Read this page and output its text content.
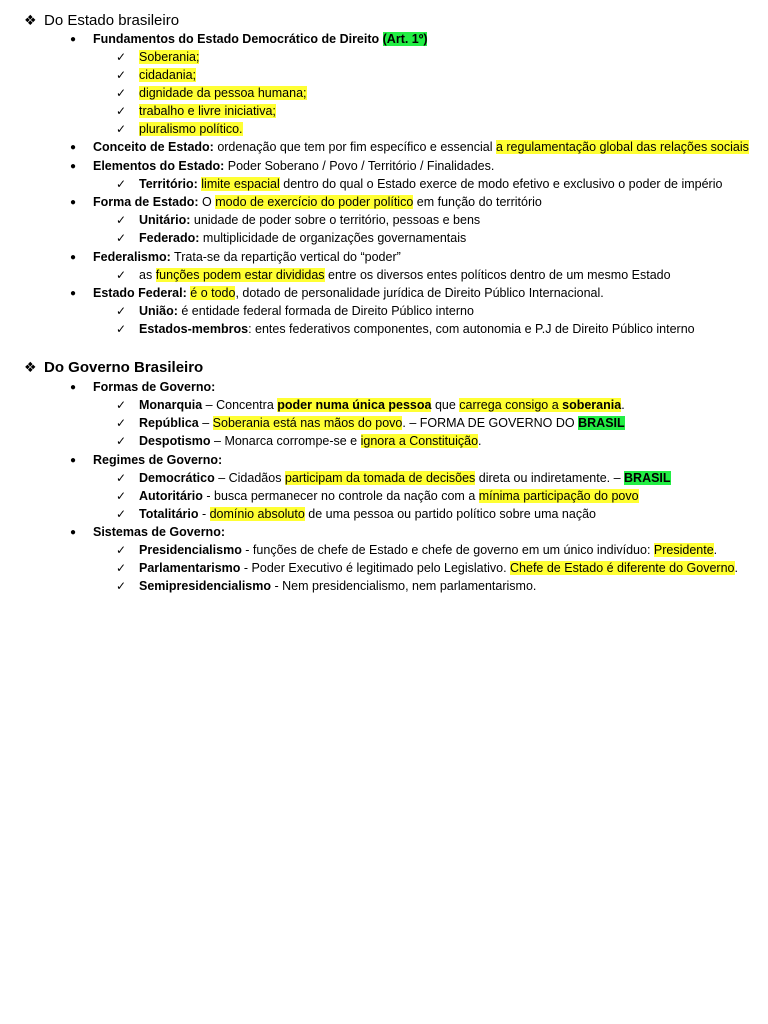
❖ Do Estado brasileiro
● Fundamentos do Estado Democrático de Direito (Art. 1º)
✓ Soberania;
✓ cidadania;
✓ dignidade da pessoa humana;
✓ trabalho e livre iniciativa;
✓ pluralismo político.
● Conceito de Estado: ordenação que tem por fim específico e essencial a regulamentação global das relações sociais
● Elementos do Estado: Poder Soberano / Povo / Território / Finalidades.
✓ Território: limite espacial dentro do qual o Estado exerce de modo efetivo e exclusivo o poder de império
● Forma de Estado: O modo de exercício do poder político em função do território
✓ Unitário: unidade de poder sobre o território, pessoas e bens
✓ Federado: multiplicidade de organizações governamentais
● Federalismo: Trata-se da repartição vertical do “poder”
✓ as funções podem estar divididas entre os diversos entes políticos dentro de um mesmo Estado
● Estado Federal: é o todo, dotado de personalidade jurídica de Direito Público Internacional.
✓ União: é entidade federal formada de Direito Público interno
✓ Estados-membros: entes federativos componentes, com autonomia e P.J de Direito Público interno
❖ Do Governo Brasileiro
● Formas de Governo:
✓ Monarquia – Concentra poder numa única pessoa que carrega consigo a soberania.
✓ República – Soberania está nas mãos do povo. – FORMA DE GOVERNO DO BRASIL
✓ Despotismo – Monarca corrompe-se e ignora a Constituição.
● Regimes de Governo:
✓ Democrático – Cidadãos participam da tomada de decisões direta ou indiretamente. – BRASIL
✓ Autoritário - busca permanecer no controle da nação com a mínima participação do povo
✓ Totalitário - domínio absoluto de uma pessoa ou partido político sobre uma nação
● Sistemas de Governo:
✓ Presidencialismo - funções de chefe de Estado e chefe de governo em um único indivíduo: Presidente.
✓ Parlamentarismo - Poder Executivo é legitimado pelo Legislativo. Chefe de Estado é diferente do Governo.
✓ Semipresidencialismo - Nem presidencialismo, nem parlamentarismo.
